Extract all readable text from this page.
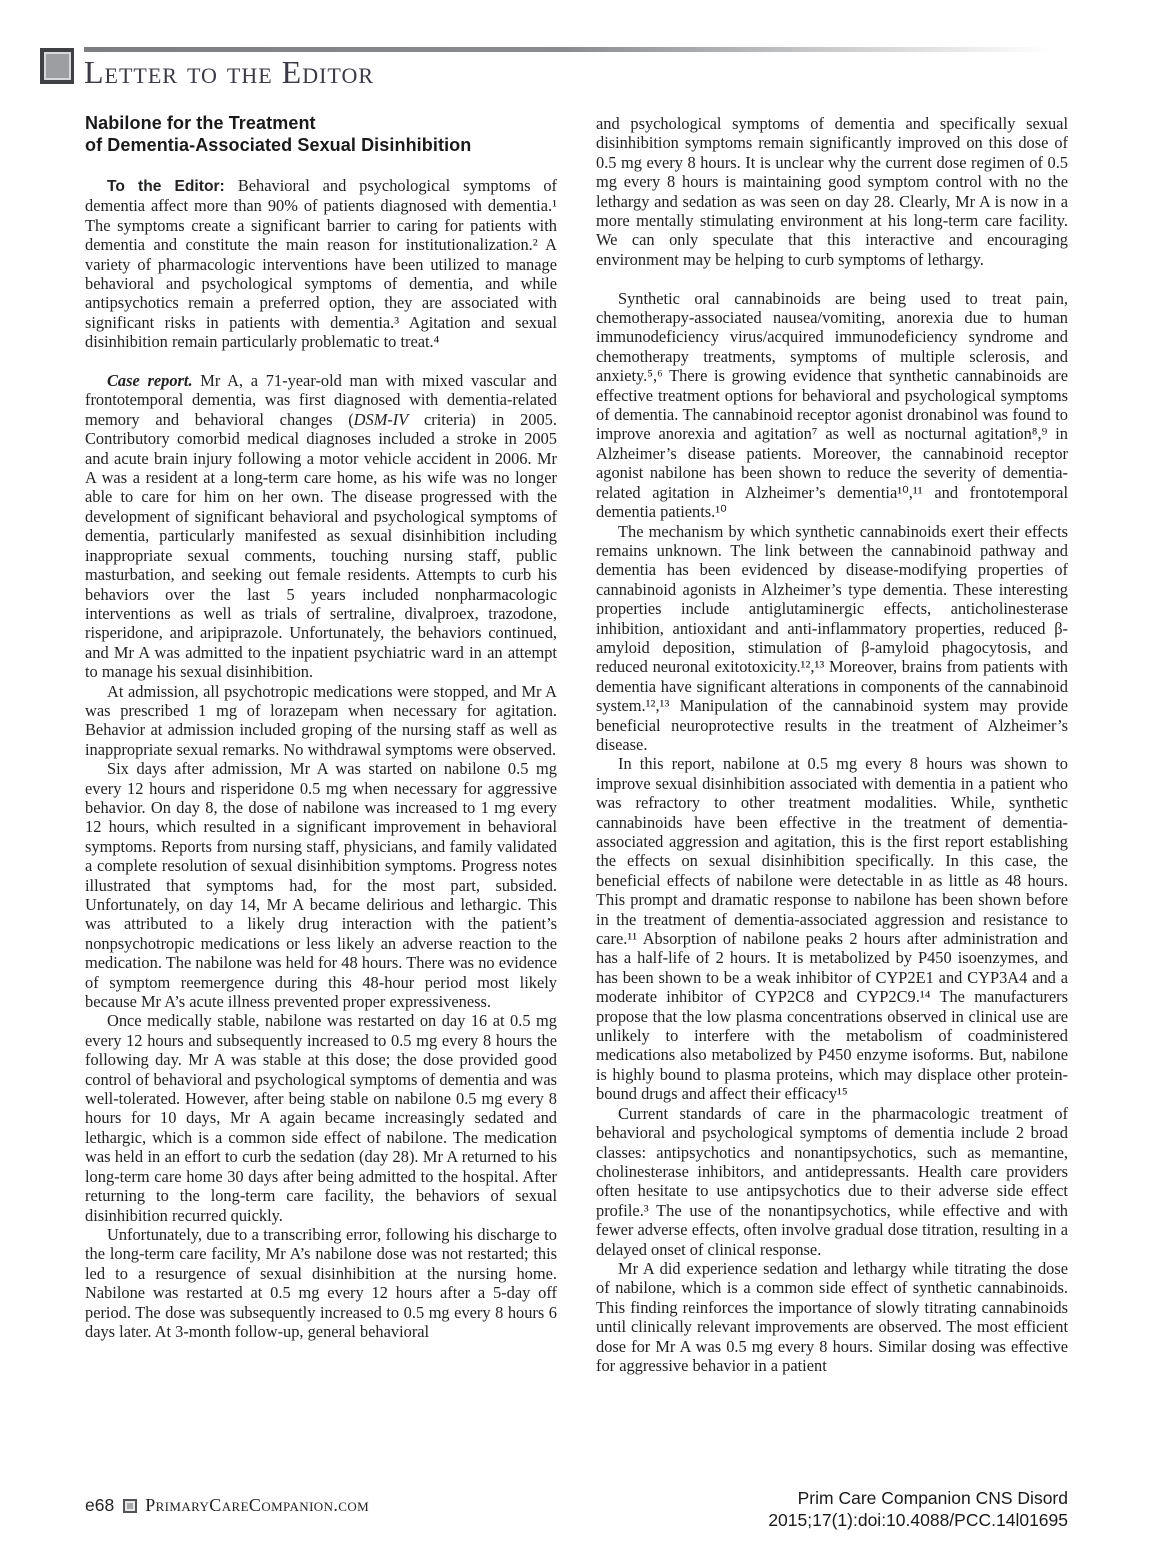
Letter to the Editor
Nabilone for the Treatment
of Dementia-Associated Sexual Disinhibition

To the Editor: Behavioral and psychological symptoms of dementia affect more than 90% of patients diagnosed with dementia.¹ The symptoms create a significant barrier to caring for patients with dementia and constitute the main reason for institutionalization.² A variety of pharmacologic interventions have been utilized to manage behavioral and psychological symptoms of dementia, and while antipsychotics remain a preferred option, they are associated with significant risks in patients with dementia.³ Agitation and sexual disinhibition remain particularly problematic to treat.⁴

Case report. Mr A, a 71-year-old man with mixed vascular and frontotemporal dementia, was first diagnosed with dementia-related memory and behavioral changes (DSM-IV criteria) in 2005. Contributory comorbid medical diagnoses included a stroke in 2005 and acute brain injury following a motor vehicle accident in 2006. Mr A was a resident at a long-term care home, as his wife was no longer able to care for him on her own. The disease progressed with the development of significant behavioral and psychological symptoms of dementia, particularly manifested as sexual disinhibition including inappropriate sexual comments, touching nursing staff, public masturbation, and seeking out female residents. Attempts to curb his behaviors over the last 5 years included nonpharmacologic interventions as well as trials of sertraline, divalproex, trazodone, risperidone, and aripiprazole. Unfortunately, the behaviors continued, and Mr A was admitted to the inpatient psychiatric ward in an attempt to manage his sexual disinhibition.

At admission, all psychotropic medications were stopped, and Mr A was prescribed 1 mg of lorazepam when necessary for agitation. Behavior at admission included groping of the nursing staff as well as inappropriate sexual remarks. No withdrawal symptoms were observed.

Six days after admission, Mr A was started on nabilone 0.5 mg every 12 hours and risperidone 0.5 mg when necessary for aggressive behavior. On day 8, the dose of nabilone was increased to 1 mg every 12 hours, which resulted in a significant improvement in behavioral symptoms. Reports from nursing staff, physicians, and family validated a complete resolution of sexual disinhibition symptoms. Progress notes illustrated that symptoms had, for the most part, subsided. Unfortunately, on day 14, Mr A became delirious and lethargic. This was attributed to a likely drug interaction with the patient’s nonpsychotropic medications or less likely an adverse reaction to the medication. The nabilone was held for 48 hours. There was no evidence of symptom reemergence during this 48-hour period most likely because Mr A’s acute illness prevented proper expressiveness.

Once medically stable, nabilone was restarted on day 16 at 0.5 mg every 12 hours and subsequently increased to 0.5 mg every 8 hours the following day. Mr A was stable at this dose; the dose provided good control of behavioral and psychological symptoms of dementia and was well-tolerated. However, after being stable on nabilone 0.5 mg every 8 hours for 10 days, Mr A again became increasingly sedated and lethargic, which is a common side effect of nabilone. The medication was held in an effort to curb the sedation (day 28). Mr A returned to his long-term care home 30 days after being admitted to the hospital. After returning to the long-term care facility, the behaviors of sexual disinhibition recurred quickly.

Unfortunately, due to a transcribing error, following his discharge to the long-term care facility, Mr A’s nabilone dose was not restarted; this led to a resurgence of sexual disinhibition at the nursing home. Nabilone was restarted at 0.5 mg every 12 hours after a 5-day off period. The dose was subsequently increased to 0.5 mg every 8 hours 6 days later. At 3-month follow-up, general behavioral

and psychological symptoms of dementia and specifically sexual disinhibition symptoms remain significantly improved on this dose of 0.5 mg every 8 hours. It is unclear why the current dose regimen of 0.5 mg every 8 hours is maintaining good symptom control with no the lethargy and sedation as was seen on day 28. Clearly, Mr A is now in a more mentally stimulating environment at his long-term care facility. We can only speculate that this interactive and encouraging environment may be helping to curb symptoms of lethargy.

Synthetic oral cannabinoids are being used to treat pain, chemotherapy-associated nausea/vomiting, anorexia due to human immunodeficiency virus/acquired immunodeficiency syndrome and chemotherapy treatments, symptoms of multiple sclerosis, and anxiety.⁵,⁶ There is growing evidence that synthetic cannabinoids are effective treatment options for behavioral and psychological symptoms of dementia. The cannabinoid receptor agonist dronabinol was found to improve anorexia and agitation⁷ as well as nocturnal agitation⁸,⁹ in Alzheimer’s disease patients. Moreover, the cannabinoid receptor agonist nabilone has been shown to reduce the severity of dementia-related agitation in Alzheimer’s dementia¹⁰,¹¹ and frontotemporal dementia patients.¹⁰

The mechanism by which synthetic cannabinoids exert their effects remains unknown. The link between the cannabinoid pathway and dementia has been evidenced by disease-modifying properties of cannabinoid agonists in Alzheimer’s type dementia. These interesting properties include antiglutaminergic effects, anticholinesterase inhibition, antioxidant and anti-inflammatory properties, reduced β-amyloid deposition, stimulation of β-amyloid phagocytosis, and reduced neuronal exitotoxicity.¹²,¹³ Moreover, brains from patients with dementia have significant alterations in components of the cannabinoid system.¹²,¹³ Manipulation of the cannabinoid system may provide beneficial neuroprotective results in the treatment of Alzheimer’s disease.

In this report, nabilone at 0.5 mg every 8 hours was shown to improve sexual disinhibition associated with dementia in a patient who was refractory to other treatment modalities. While, synthetic cannabinoids have been effective in the treatment of dementia-associated aggression and agitation, this is the first report establishing the effects on sexual disinhibition specifically. In this case, the beneficial effects of nabilone were detectable in as little as 48 hours. This prompt and dramatic response to nabilone has been shown before in the treatment of dementia-associated aggression and resistance to care.¹¹ Absorption of nabilone peaks 2 hours after administration and has a half-life of 2 hours. It is metabolized by P450 isoenzymes, and has been shown to be a weak inhibitor of CYP2E1 and CYP3A4 and a moderate inhibitor of CYP2C8 and CYP2C9.¹⁴ The manufacturers propose that the low plasma concentrations observed in clinical use are unlikely to interfere with the metabolism of coadministered medications also metabolized by P450 enzyme isoforms. But, nabilone is highly bound to plasma proteins, which may displace other protein-bound drugs and affect their efficacy¹⁵

Current standards of care in the pharmacologic treatment of behavioral and psychological symptoms of dementia include 2 broad classes: antipsychotics and nonantipsychotics, such as memantine, cholinesterase inhibitors, and antidepressants. Health care providers often hesitate to use antipsychotics due to their adverse side effect profile.³ The use of the nonantipsychotics, while effective and with fewer adverse effects, often involve gradual dose titration, resulting in a delayed onset of clinical response.

Mr A did experience sedation and lethargy while titrating the dose of nabilone, which is a common side effect of synthetic cannabinoids. This finding reinforces the importance of slowly titrating cannabinoids until clinically relevant improvements are observed. The most efficient dose for Mr A was 0.5 mg every 8 hours. Similar dosing was effective for aggressive behavior in a patient

e68 PrimaryCareCompanion.com	Prim Care Companion CNS Disord
2015;17(1):doi:10.4088/PCC.14l01695
